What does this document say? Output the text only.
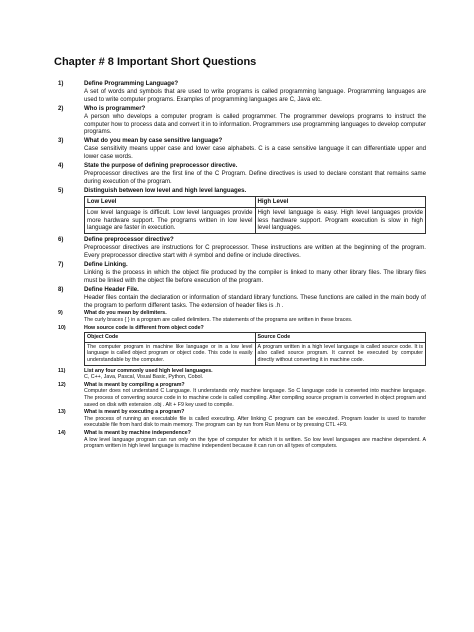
Chapter # 8 Important Short Questions
1)	Define Programming Language?
A set of words and symbols that are used to write programs is called programming language. Programming languages are used to write computer programs. Examples of programming languages are C, Java etc.
2)	Who is programmer?
A person who develops a computer program is called programmer. The programmer develops programs to instruct the computer how to process data and convert it in to information. Programmers use programming languages to develop computer programs.
3)	What do you mean by case sensitive language?
Case sensitivity means upper case and lower case alphabets. C is a case sensitive language it can differentiate upper and lower case words.
4)	State the purpose of defining preprocessor directive.
Preprocessor directives are the first line of the C Program. Define directives is used to declare constant that remains same during execution of the program.
5)	Distinguish between low level and high level languages.
Low Level	High Level
Low level language is difficult. Low level languages provide more hardware support. The programs written in low level language are faster in execution.	High level language is easy. High level languages provide less hardware support. Program execution is slow in high level languages.
6)	Define preprocessor directive?
Preprocessor directives are instructions for C preprocessor. These instructions are written at the beginning of the program. Every preprocessor directive start with # symbol and define or include directives.
7)	Define Linking.
Linking is the process in which the object file produced by the compiler is linked to many other library files. The library files must be linked with the object file before execution of the program.
8)	Define Header File.
Header files contain the declaration or information of standard library functions. These functions are called in the main body of the program to perform different tasks. The extension of header files is .h .
9)	What do you mean by delimiters.
The curly braces { } in a program are called delimiters. The statements of the programs are written in these braces.
10)	How source code is different from object code?
Object Code	Source Code
The computer program in machine like language or in a low level language is called object program or object code. This code is easily understandable by the computer.	A program written in a high level language is called source code. It is also called source program. It cannot be executed by computer directly without converting it in machine code.
11)	List any four commonly used high level languages.
C, C++, Java, Pascal, Visual Basic, Python, Cobol.
12)	What is meant by compiling a program?
Computer does not understand C Language. It understands only machine language. So C language code is converted into machine language. The process of converting source code in to machine code is called compiling. After compiling source program is converted in object program and saved on disk with extension .obj . Alt + F9 key used to compile.
13)	What is meant by executing a program?
The process of running an executable file is called executing. After linking C program can be executed. Program loader is used to transfer executable file from hard disk to main memory. The program can by run from Run Menu or by pressing CTL +F9.
14)	What is meant by machine independence?
A low level language program can run only on the type of computer for which it is written. So low level languages are machine dependent. A program written in high level language is machine independent because it can run on all types of computers.
